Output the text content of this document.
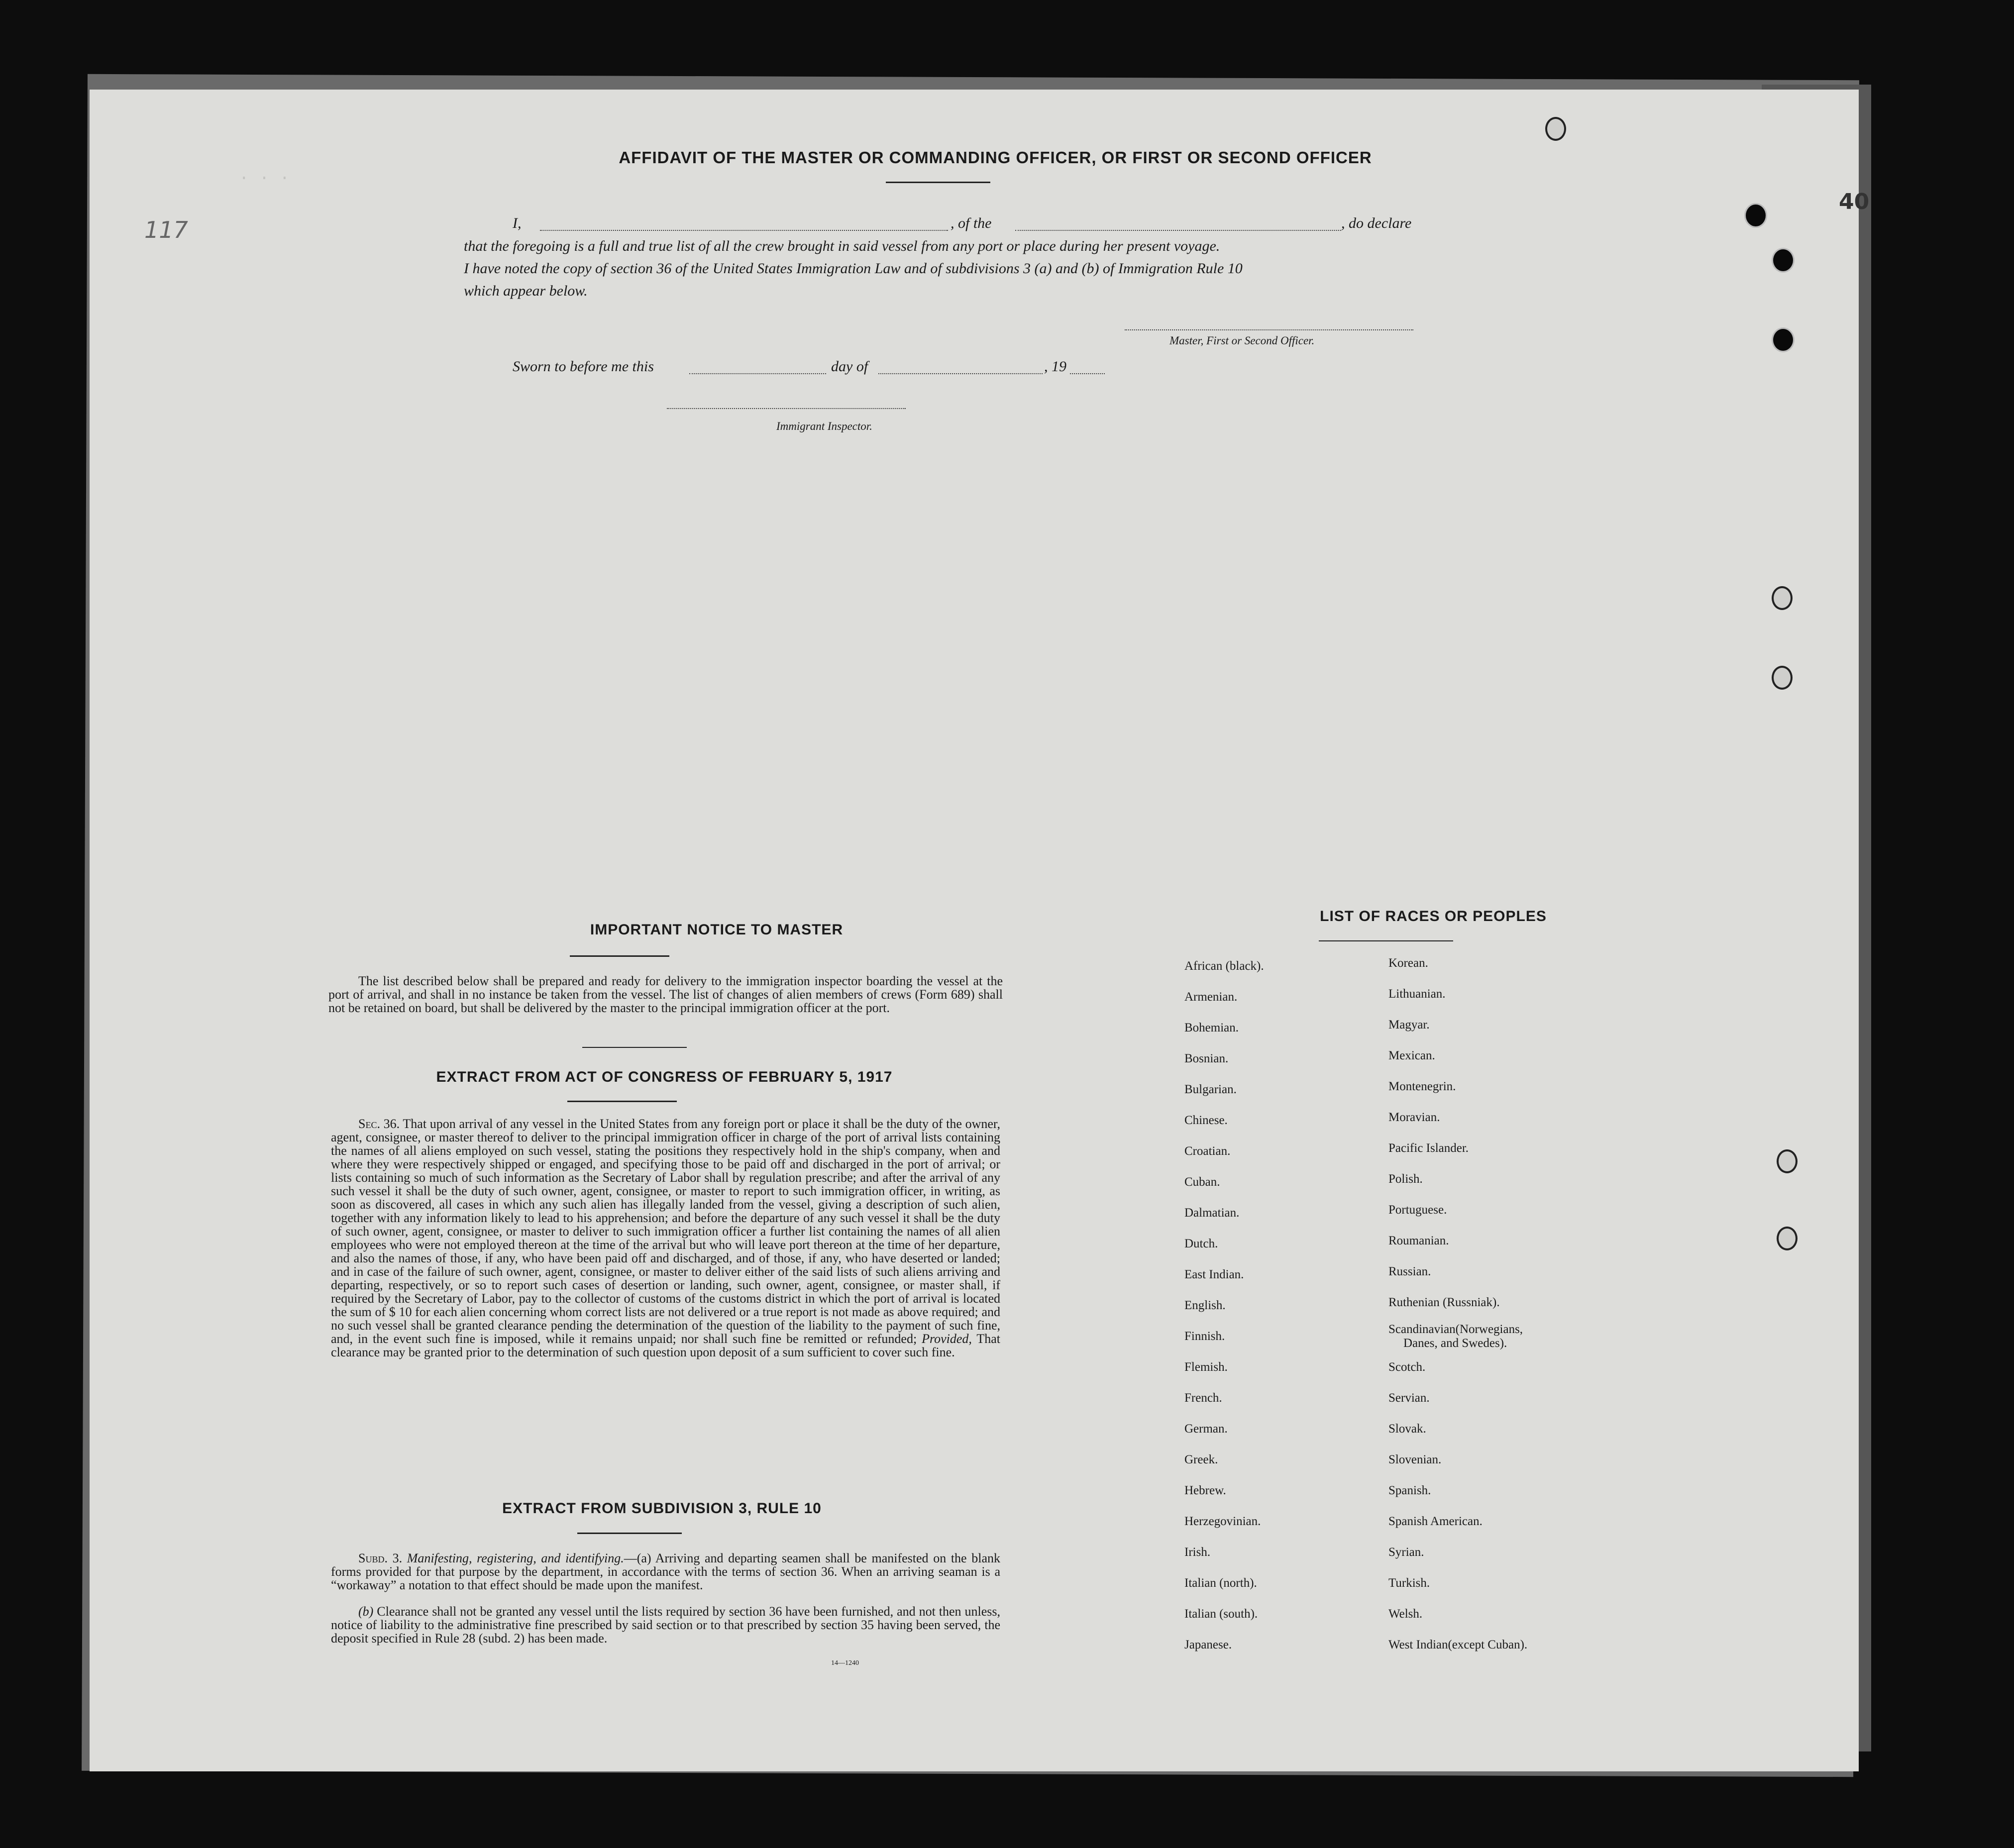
· · ·

40
117
AFFIDAVIT OF THE MASTER OR COMMANDING OFFICER, OR FIRST OR SECOND OFFICER
I,	, of the	, do declare
that the foregoing is a full and true list of all the crew brought in said vessel from any port or place during her present voyage.
I have noted the copy of section 36 of the United States Immigration Law and of subdivisions 3 (a) and (b) of Immigration Rule 10
which appear below.
Master, First or Second Officer.
Sworn to before me this	day of	, 19
Immigrant Inspector.
IMPORTANT NOTICE TO MASTER
The list described below shall be prepared and ready for delivery to the immigration inspector boarding the vessel at the port of arrival, and shall in no instance be taken from the vessel. The list of changes of alien members of crews (Form 689) shall not be retained on board, but shall be delivered by the master to the principal immigration officer at the port.
EXTRACT FROM ACT OF CONGRESS OF FEBRUARY 5, 1917
Sec. 36. That upon arrival of any vessel in the United States from any foreign port or place it shall be the duty of the owner, agent, consignee, or master thereof to deliver to the principal immigration officer in charge of the port of arrival lists containing the names of all aliens employed on such vessel, stating the positions they respectively hold in the ship's company, when and where they were respectively shipped or engaged, and specifying those to be paid off and discharged in the port of arrival; or lists containing so much of such information as the Secretary of Labor shall by regulation prescribe; and after the arrival of any such vessel it shall be the duty of such owner, agent, consignee, or master to report to such immigration officer, in writing, as soon as discovered, all cases in which any such alien has illegally landed from the vessel, giving a description of such alien, together with any information likely to lead to his apprehension; and before the departure of any such vessel it shall be the duty of such owner, agent, consignee, or master to deliver to such immigration officer a further list containing the names of all alien employees who were not employed thereon at the time of the arrival but who will leave port thereon at the time of her departure, and also the names of those, if any, who have been paid off and discharged, and of those, if any, who have deserted or landed; and in case of the failure of such owner, agent, consignee, or master to deliver either of the said lists of such aliens arriving and departing, respectively, or so to report such cases of desertion or landing, such owner, agent, consignee, or master shall, if required by the Secretary of Labor, pay to the collector of customs of the customs district in which the port of arrival is located the sum of $ 10 for each alien concerning whom correct lists are not delivered or a true report is not made as above required; and no such vessel shall be granted clearance pending the determination of the question of the liability to the payment of such fine, and, in the event such fine is imposed, while it remains unpaid; nor shall such fine be remitted or refunded; Provided, That clearance may be granted prior to the determination of such question upon deposit of a sum sufficient to cover such fine.
EXTRACT FROM SUBDIVISION 3, RULE 10
Subd. 3. Manifesting, registering, and identifying.—(a) Arriving and departing seamen shall be manifested on the blank forms provided for that purpose by the department, in accordance with the terms of section 36. When an arriving seaman is a “workaway” a notation to that effect should be made upon the manifest.
(b) Clearance shall not be granted any vessel until the lists required by section 36 have been furnished, and not then unless, notice of liability to the administrative fine prescribed by said section or to that prescribed by section 35 having been served, the deposit specified in Rule 28 (subd. 2) has been made.
14—1240
LIST OF RACES OR PEOPLES
African (black).
Armenian.
Bohemian.
Bosnian.
Bulgarian.
Chinese.
Croatian.
Cuban.
Dalmatian.
Dutch.
East Indian.
English.
Finnish.
Flemish.
French.
German.
Greek.
Hebrew.
Herzegovinian.
Irish.
Italian (north).
Italian (south).
Japanese.
Korean.
Lithuanian.
Magyar.
Mexican.
Montenegrin.
Moravian.
Pacific Islander.
Polish.
Portuguese.
Roumanian.
Russian.
Ruthenian (Russniak).
Scandinavian(Norwegians,
Danes, and Swedes).
Scotch.
Servian.
Slovak.
Slovenian.
Spanish.
Spanish American.
Syrian.
Turkish.
Welsh.
West Indian(except Cuban).
